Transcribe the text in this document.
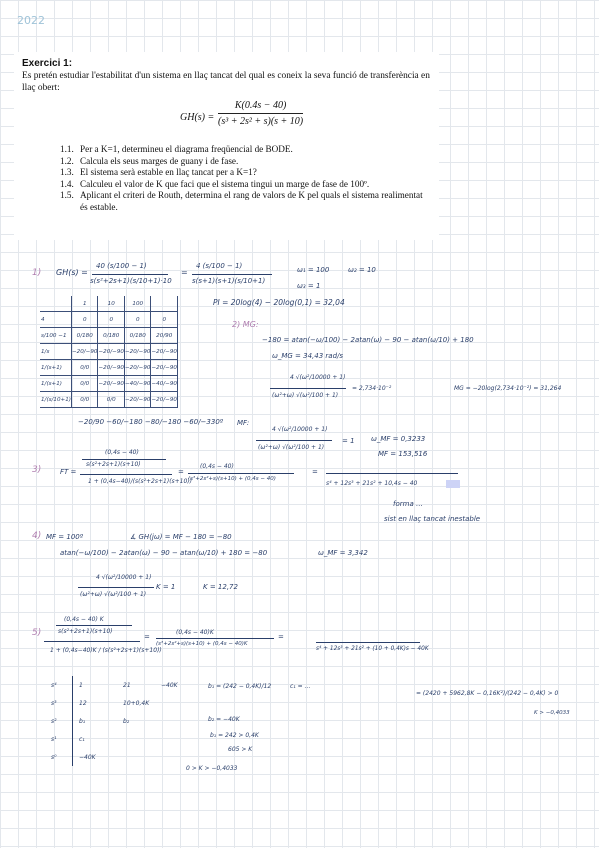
2022
Exercici 1:
Es pretén estudiar l'estabilitat d'un sistema en llaç tancat del qual es coneix la seva funció de transferència en llaç obert:
GH(s) =
K(0.4s − 40)
(s³ + 2s² + s)(s + 10)
1.1. Per a K=1, determineu el diagrama freqüencial de BODE.
1.2. Calcula els seus marges de guany i de fase.
1.3. El sistema serà estable en llaç tancat per a K=1?
1.4. Calculeu el valor de K que faci que el sistema tingui un marge de fase de 100º.
1.5. Aplicant el criteri de Routh, determina el rang de valors de K pel quals el sistema realimentat és estable.
1) GH(s) =
40 (s/100 − 1)
s(s²+2s+1)(s/10+1)·10
=
4 (s/100 − 1)
s(s+1)(s+1)(s/10+1)
ω₁ = 100	ω₂ = 10
ω₃ = 1
	1	10	100	
4	0	0	0	0
s/100 −1	0/180	0/180	0/180	20/90
1/s	−20/−90	−20/−90	−20/−90	−20/−90
1/(s+1)	0/0	−20/−90	−20/−90	−20/−90
1/(s+1)	0/0	−20/−90	−40/−90	−40/−90
1/(s/10+1)	0/0	0/0	−20/−90	−20/−90
−20/90 −60/−180 −80/−180 −60/−330º
PI = 20log(4) − 20log(0,1) = 32,04
2) MG:
−180 = atan(−ω/100) − 2atan(ω) − 90 − atan(ω/10) + 180
ω_MG = 34,43 rad/s
4 √(ω²/10000 + 1)
(ω²+ω) √(ω²/100 + 1)
= 2,734·10⁻²	MG = −20log(2,734·10⁻²) = 31,264
MF:
4 √(ω²/10000 + 1)
(ω²+ω) √(ω²/100 + 1)
= 1 ω_MF = 0,3233
MF = 153,516
3)	FT =
(0,4s − 40)
s(s²+2s+1)(s+10)
1 + (0,4s−40)/(s(s²+2s+1)(s+10))
=
(0,4s − 40)
(s³+2s²+s)(s+10) + (0,4s − 40)
=
s⁴ + 12s³ + 21s² + 10,4s − 40
forma …
sist en llaç tancat inestable
4) MF = 100º	∡ GH(jω) = MF − 180 = −80
atan(−ω/100) − 2atan(ω) − 90 − atan(ω/10) + 180 = −80	ω_MF = 3,342
4 √(ω²/10000 + 1)
(ω²+ω) √(ω²/100 + 1)
K = 1	K = 12,72
5)
(0,4s − 40) K
s(s²+2s+1)(s+10)
1 + (0,4s−40)K / (s(s²+2s+1)(s+10))
=
(0,4s − 40)K
(s³+2s²+s)(s+10) + (0,4s − 40)K
=
s⁴ + 12s³ + 21s² + (10 + 0,4K)s − 40K
s⁴	1	21	−40K
s³	12	10+0,4K	
s²	b₁	b₂	
s¹	c₁		
s⁰	−40K		
b₁ = (242 − 0,4K)/12	c₁ = …
= (2420 + 5962,8K − 0,16K²)/(242 − 0,4K) > 0
b₂ = −40K
b₁ = 242 > 0,4K
605 > K
K > −0,4033
0 > K > −0,4033
